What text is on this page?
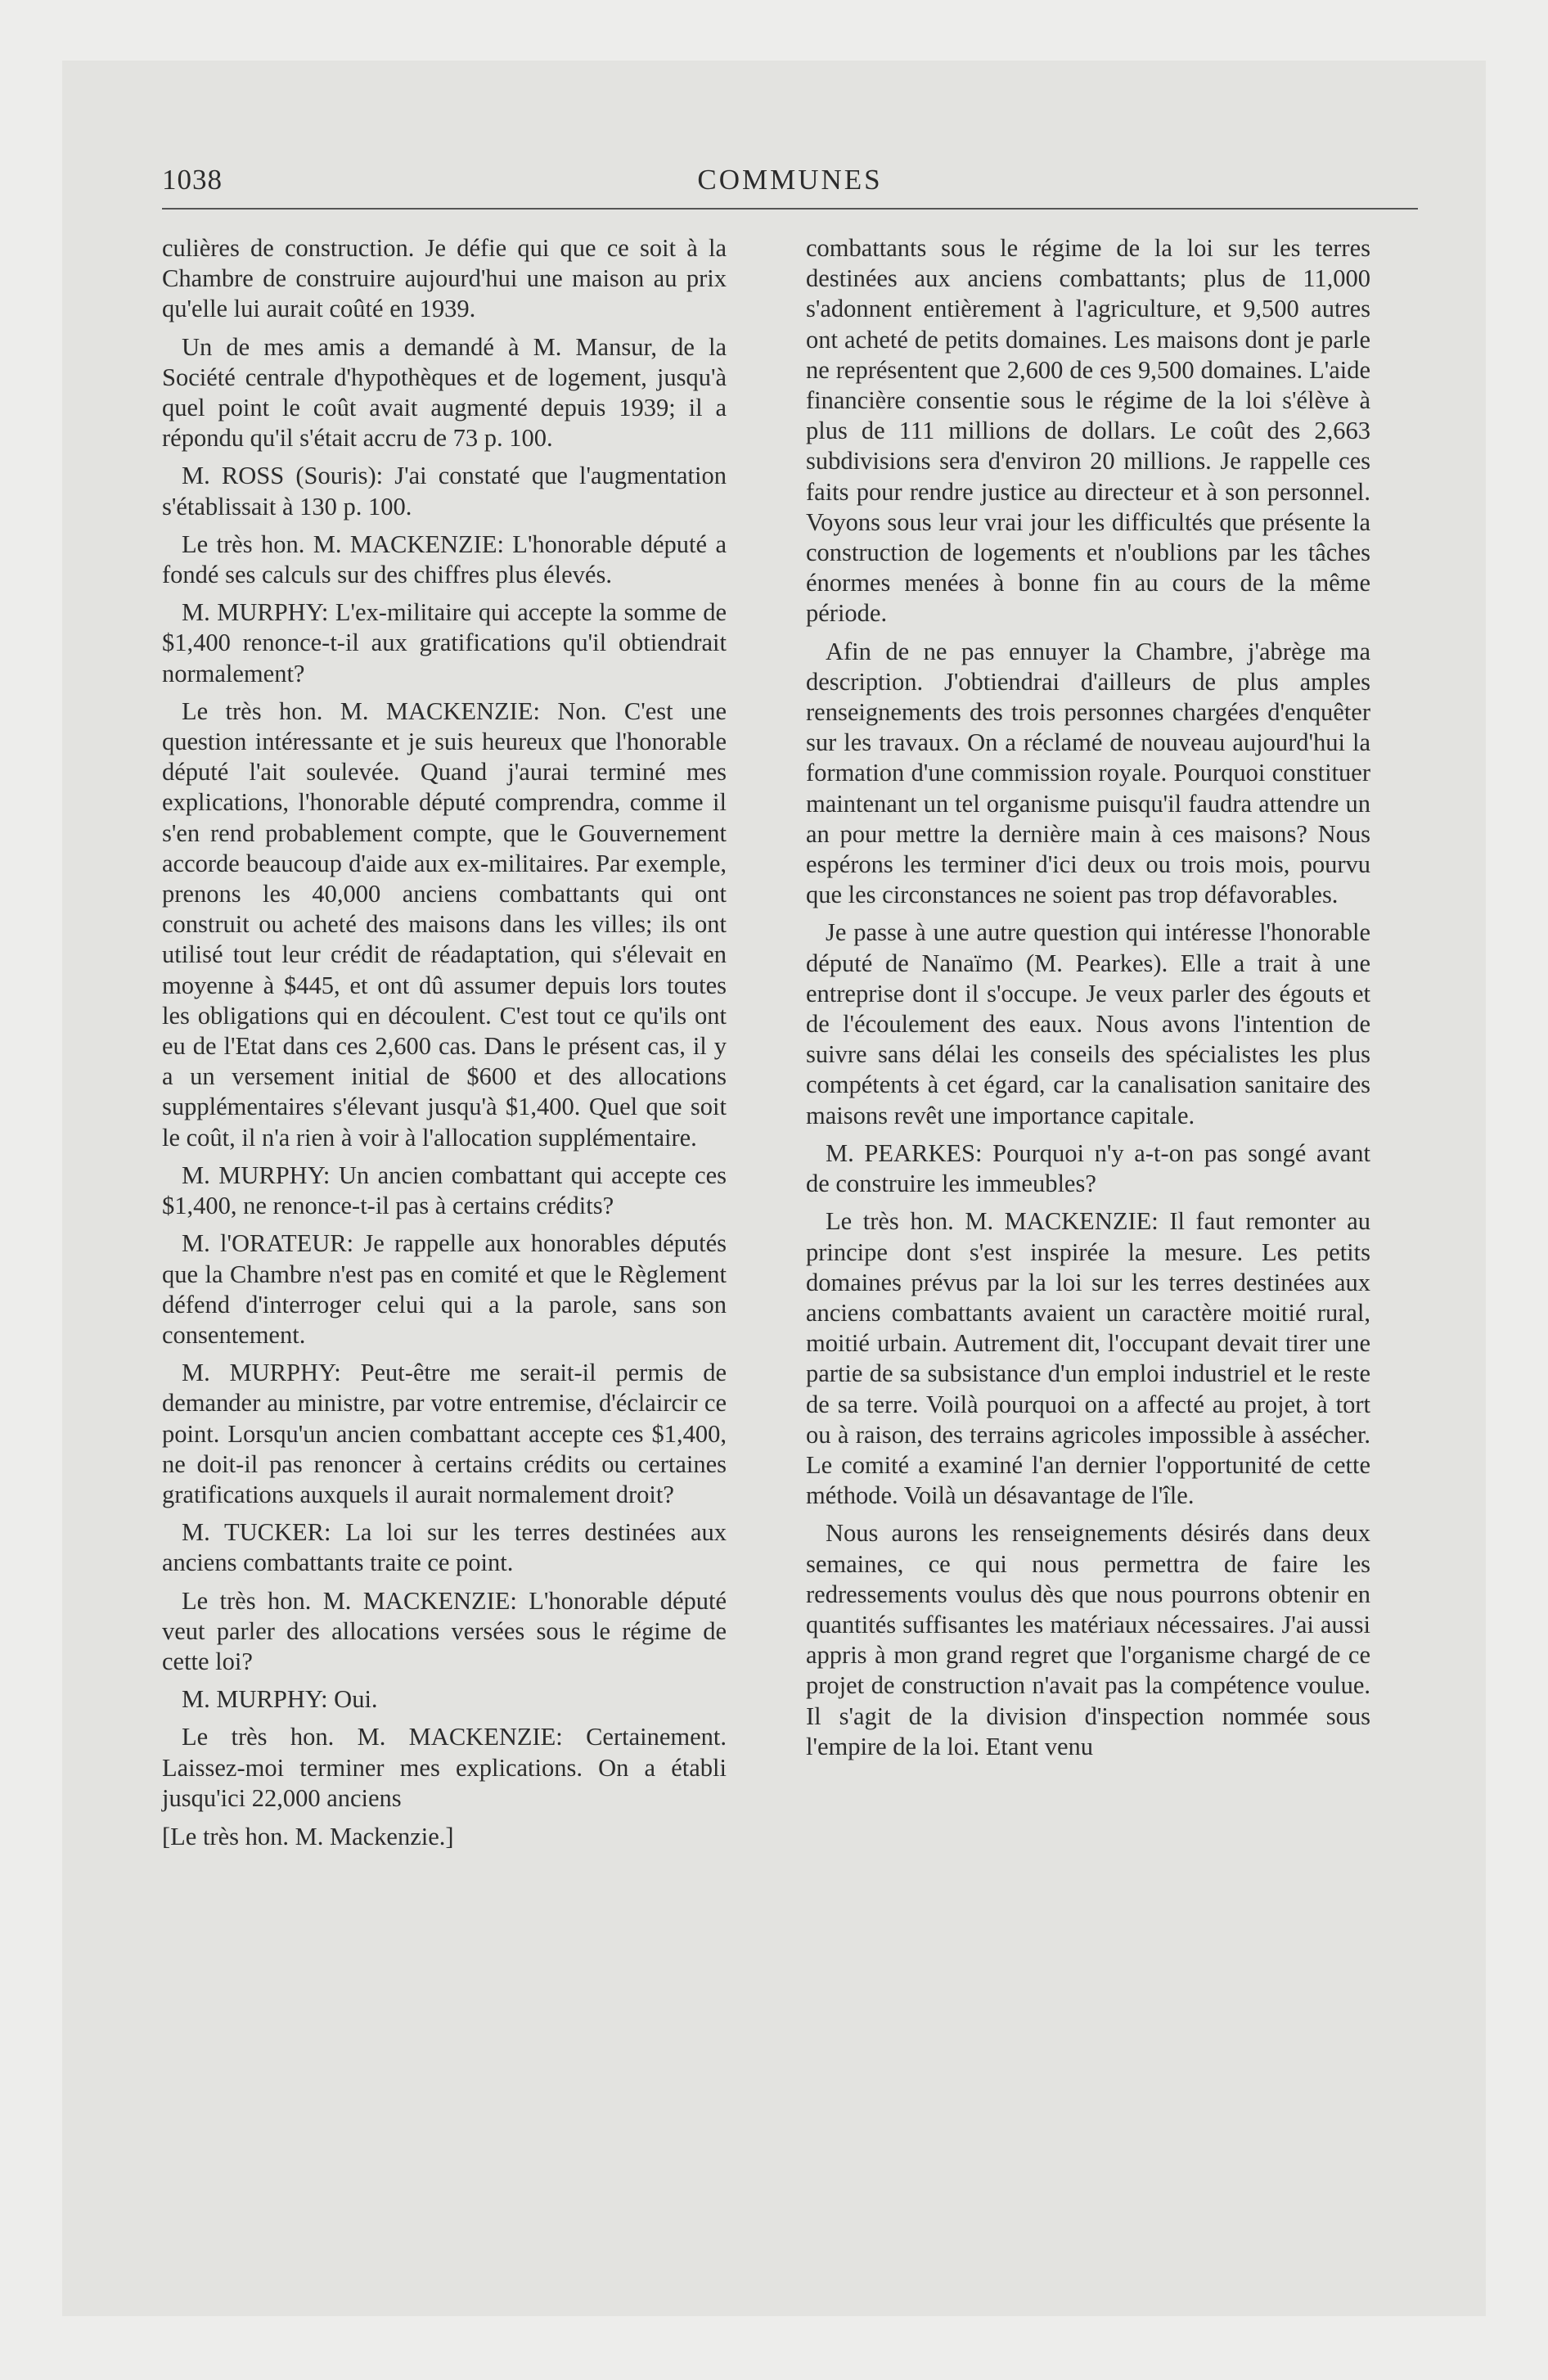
1038	COMMUNES

culières de construction. Je défie qui que ce soit à la Chambre de construire aujourd'hui une maison au prix qu'elle lui aurait coûté en 1939.

Un de mes amis a demandé à M. Mansur, de la Société centrale d'hypothèques et de logement, jusqu'à quel point le coût avait augmenté depuis 1939; il a répondu qu'il s'était accru de 73 p. 100.

M. ROSS (Souris): J'ai constaté que l'augmentation s'établissait à 130 p. 100.

Le très hon. M. MACKENZIE: L'honorable député a fondé ses calculs sur des chiffres plus élevés.

M. MURPHY: L'ex-militaire qui accepte la somme de $1,400 renonce-t-il aux gratifications qu'il obtiendrait normalement?

Le très hon. M. MACKENZIE: Non. C'est une question intéressante et je suis heureux que l'honorable député l'ait soulevée. Quand j'aurai terminé mes explications, l'honorable député comprendra, comme il s'en rend probablement compte, que le Gouvernement accorde beaucoup d'aide aux ex-militaires. Par exemple, prenons les 40,000 anciens combattants qui ont construit ou acheté des maisons dans les villes; ils ont utilisé tout leur crédit de réadaptation, qui s'élevait en moyenne à $445, et ont dû assumer depuis lors toutes les obligations qui en découlent. C'est tout ce qu'ils ont eu de l'Etat dans ces 2,600 cas. Dans le présent cas, il y a un versement initial de $600 et des allocations supplémentaires s'élevant jusqu'à $1,400. Quel que soit le coût, il n'a rien à voir à l'allocation supplémentaire.

M. MURPHY: Un ancien combattant qui accepte ces $1,400, ne renonce-t-il pas à certains crédits?

M. l'ORATEUR: Je rappelle aux honorables députés que la Chambre n'est pas en comité et que le Règlement défend d'interroger celui qui a la parole, sans son consentement.

M. MURPHY: Peut-être me serait-il permis de demander au ministre, par votre entremise, d'éclaircir ce point. Lorsqu'un ancien combattant accepte ces $1,400, ne doit-il pas renoncer à certains crédits ou certaines gratifications auxquels il aurait normalement droit?

M. TUCKER: La loi sur les terres destinées aux anciens combattants traite ce point.

Le très hon. M. MACKENZIE: L'honorable député veut parler des allocations versées sous le régime de cette loi?

M. MURPHY: Oui.

Le très hon. M. MACKENZIE: Certainement. Laissez-moi terminer mes explications. On a établi jusqu'ici 22,000 anciens

[Le très hon. M. Mackenzie.]

combattants sous le régime de la loi sur les terres destinées aux anciens combattants; plus de 11,000 s'adonnent entièrement à l'agriculture, et 9,500 autres ont acheté de petits domaines. Les maisons dont je parle ne représentent que 2,600 de ces 9,500 domaines. L'aide financière consentie sous le régime de la loi s'élève à plus de 111 millions de dollars. Le coût des 2,663 subdivisions sera d'environ 20 millions. Je rappelle ces faits pour rendre justice au directeur et à son personnel. Voyons sous leur vrai jour les difficultés que présente la construction de logements et n'oublions par les tâches énormes menées à bonne fin au cours de la même période.

Afin de ne pas ennuyer la Chambre, j'abrège ma description. J'obtiendrai d'ailleurs de plus amples renseignements des trois personnes chargées d'enquêter sur les travaux. On a réclamé de nouveau aujourd'hui la formation d'une commission royale. Pourquoi constituer maintenant un tel organisme puisqu'il faudra attendre un an pour mettre la dernière main à ces maisons? Nous espérons les terminer d'ici deux ou trois mois, pourvu que les circonstances ne soient pas trop défavorables.

Je passe à une autre question qui intéresse l'honorable député de Nanaïmo (M. Pearkes). Elle a trait à une entreprise dont il s'occupe. Je veux parler des égouts et de l'écoulement des eaux. Nous avons l'intention de suivre sans délai les conseils des spécialistes les plus compétents à cet égard, car la canalisation sanitaire des maisons revêt une importance capitale.

M. PEARKES: Pourquoi n'y a-t-on pas songé avant de construire les immeubles?

Le très hon. M. MACKENZIE: Il faut remonter au principe dont s'est inspirée la mesure. Les petits domaines prévus par la loi sur les terres destinées aux anciens combattants avaient un caractère moitié rural, moitié urbain. Autrement dit, l'occupant devait tirer une partie de sa subsistance d'un emploi industriel et le reste de sa terre. Voilà pourquoi on a affecté au projet, à tort ou à raison, des terrains agricoles impossible à assécher. Le comité a examiné l'an dernier l'opportunité de cette méthode. Voilà un désavantage de l'île.

Nous aurons les renseignements désirés dans deux semaines, ce qui nous permettra de faire les redressements voulus dès que nous pourrons obtenir en quantités suffisantes les matériaux nécessaires. J'ai aussi appris à mon grand regret que l'organisme chargé de ce projet de construction n'avait pas la compétence voulue. Il s'agit de la division d'inspection nommée sous l'empire de la loi. Etant venu
